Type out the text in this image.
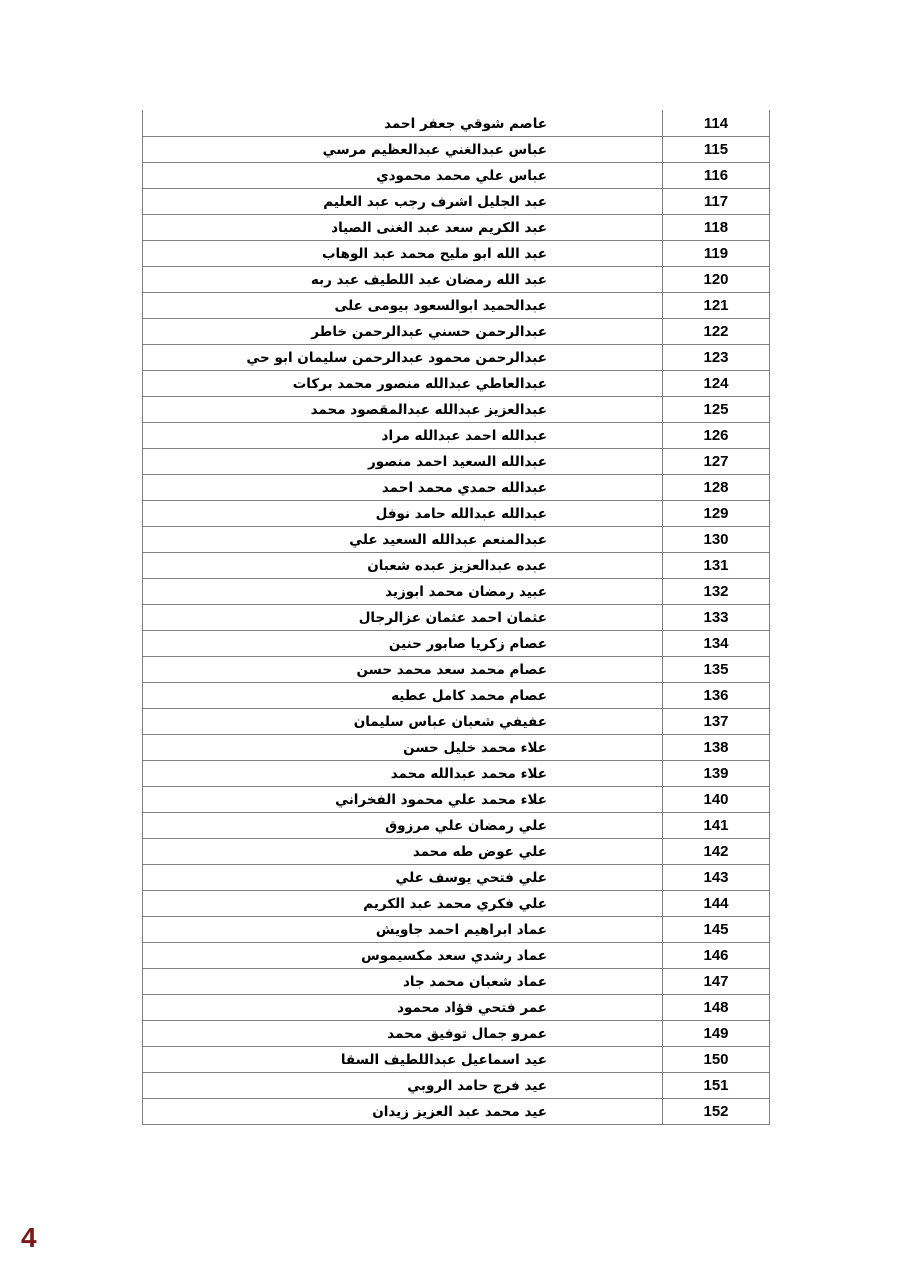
عاصم شوقي جعفر احمد	114
عباس عبدالغني عبدالعظيم مرسي	115
عباس علي محمد محمودي	116
عبد الجليل اشرف رجب عبد العليم	117
عبد الكريم سعد عبد الغنى الصياد	118
عبد الله ابو مليح محمد عبد الوهاب	119
عبد الله رمضان عبد اللطيف عبد ربه	120
عبدالحميد ابوالسعود بيومى على	121
عبدالرحمن حسني عبدالرحمن خاطر	122
عبدالرحمن محمود عبدالرحمن سليمان ابو حي	123
عبدالعاطي عبدالله منصور محمد بركات	124
عبدالعزيز عبدالله عبدالمقصود محمد	125
عبدالله احمد عبدالله مراد	126
عبدالله السعيد احمد منصور	127
عبدالله حمدي محمد احمد	128
عبدالله عبدالله حامد نوفل	129
عبدالمنعم عبدالله السعيد علي	130
عبده عبدالعزيز عبده شعبان	131
عبيد رمضان محمد ابوزيد	132
عثمان احمد عثمان عزالرجال	133
عصام زكريا صابور حنين	134
عصام محمد سعد محمد حسن	135
عصام محمد كامل عطيه	136
عفيفي شعبان عباس سليمان	137
علاء محمد خليل حسن	138
علاء محمد عبدالله محمد	139
علاء محمد علي محمود الفخراني	140
علي رمضان علي مرزوق	141
علي عوض طه محمد	142
علي فتحي يوسف علي	143
علي فكري محمد عبد الكريم	144
عماد ابراهيم احمد جاويش	145
عماد رشدي سعد مكسيموس	146
عماد شعبان محمد جاد	147
عمر فتحي فؤاد محمود	148
عمرو جمال توفيق محمد	149
عيد اسماعيل عبداللطيف السقا	150
عيد فرج حامد الروبي	151
عيد محمد عبد العزيز زيدان	152
4
